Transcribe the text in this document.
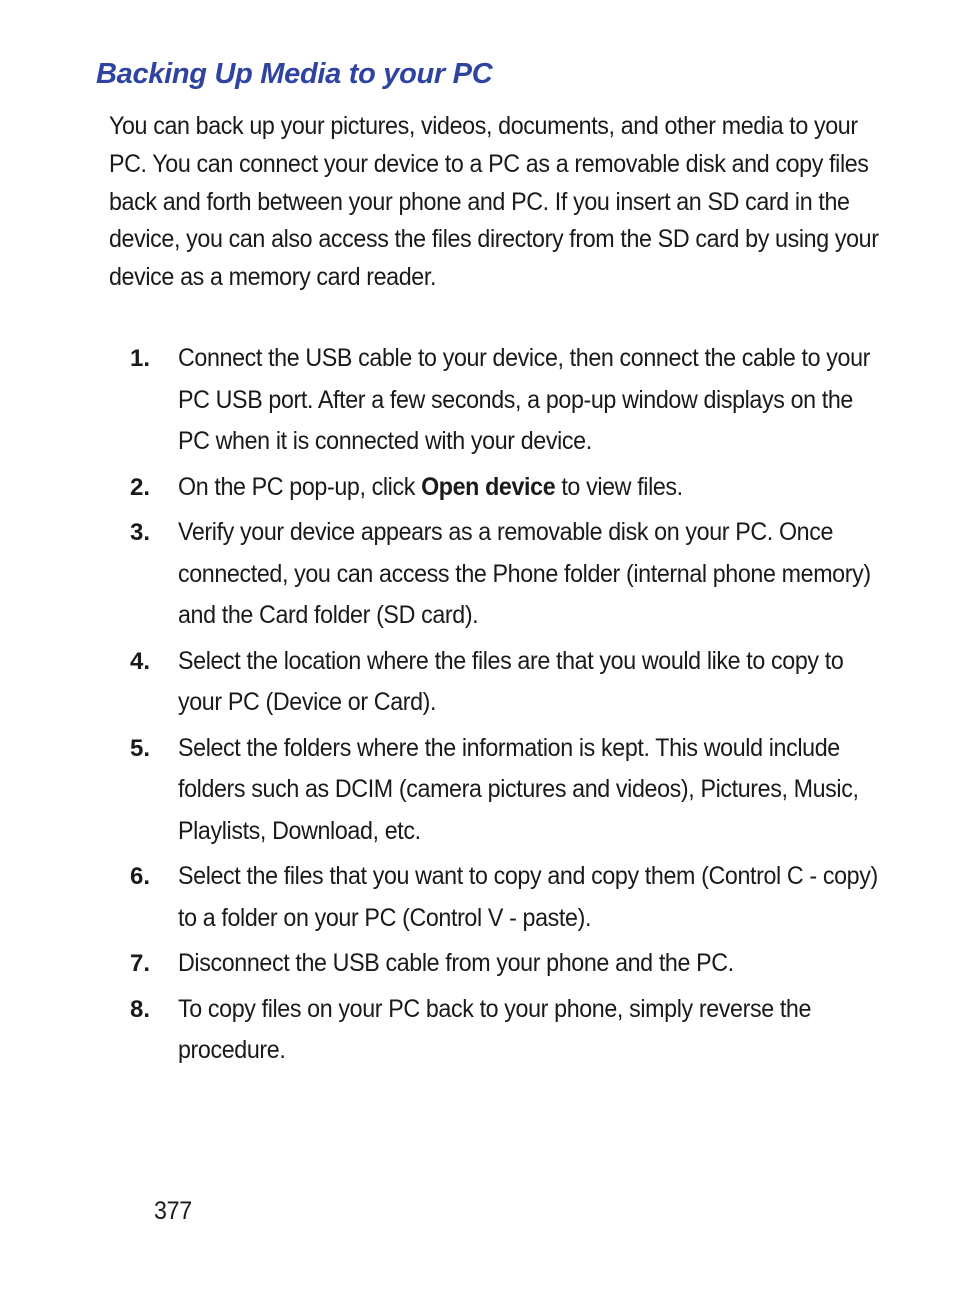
Backing Up Media to your PC

You can back up your pictures, videos, documents, and other media to your PC. You can connect your device to a PC as a removable disk and copy files back and forth between your phone and PC. If you insert an SD card in the device, you can also access the files directory from the SD card by using your device as a memory card reader.

1. Connect the USB cable to your device, then connect the cable to your PC USB port. After a few seconds, a pop-up window displays on the PC when it is connected with your device.
2. On the PC pop-up, click Open device to view files.
3. Verify your device appears as a removable disk on your PC. Once connected, you can access the Phone folder (internal phone memory) and the Card folder (SD card).
4. Select the location where the files are that you would like to copy to your PC (Device or Card).
5. Select the folders where the information is kept. This would include folders such as DCIM (camera pictures and videos), Pictures, Music, Playlists, Download, etc.
6. Select the files that you want to copy and copy them (Control C - copy) to a folder on your PC (Control V - paste).
7. Disconnect the USB cable from your phone and the PC.
8. To copy files on your PC back to your phone, simply reverse the procedure.
377
